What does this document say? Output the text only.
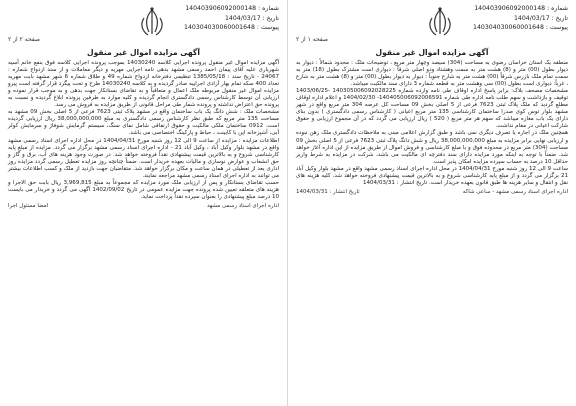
شماره : 140403906092000148
تاریخ : 1404/03/17
پیوست : 140304030060001648
صفحه ۲ از ۲
آگهی مزایده اموال غیر منقول

آگهی مزایده اموال غیر منقول پرونده اجرایی کلاسه 14030240 بموجب پرونده اجرایی کلاسه فوق بنفع خانم آسیه شهریاری علیه آقای پیمان احمد رسمی مشهد بدهی نامه اجرایی مهریه و دیگر معاملات و از سند ازدواج شماره : 24067 - تاریخ سند : 1385/05/18 تنظیمی دفترخانه ازدواج شماره 49 و طلاق شماره 6 شهر مشهد بابت مهریه تعداد 400 سکه تمام بهار آزادی اجراییه صادر گردیده و به کلاسه 14030240 طرح و تحت پیگرد قرار گرفته است پیرو مزایده اموال غیر منقول مربوطه ملک اعمال و متعاقباً و به تقاضای بستانکار جهت بدهی و به موجب قرار نموده و ارزیابی آن توسط کارشناس رسمی دادگستری انجام گردیده و کلیه موارد به طرفین پرونده ابلاغ گردیده و نسبت به پرونده حق اعتراض نداشته و پرونده شمار طی مراحل قانونی از طریق مزایده به فروش می رسد.

مشخصات ملک : شش دانگ یک باب ساختمان واقع در مشهد پلاک ثبتی 7623 فرعی از 5 اصلی بخش 09 مشهد به مساحت 135 متر مربع که طبق نظر کارشناس رسمی دادگستری به مبلغ 38,000,000,000 ریال ارزیابی گردیده است. 0912 ساختمان ملکی مالکیت و حقوق ارتفاقی شامل نمای سنگ، سیستم گرمایش شوفاژ و سرمایش کولر آبی، آشپزخانه اپن با کابینت ، حیاط و پارکینگ اختصاصی می باشد.

اطلاعات مزایده : مزایده از ساعت 9 الی 12 روز شنبه مورخ 1404/04/31 در محل اداره اجرای اسناد رسمی مشهد واقع در مشهد بلوار وکیل آباد ، وکیل آباد 21 - اداره اجرای اسناد رسمی مشهد برگزار می گردد. مزایده از مبلغ پایه کارشناسی شروع و به بالاترین قیمت پیشنهادی نقداً فروخته خواهد شد. در صورت وجود هزینه های آب، برق و گاز و حق انشعاب و عوارض نوسازی و مالیات بعهده خریدار است. ضمناً چنانچه روز مزایده تعطیل رسمی گردد مزایده روز اداری بعد از تعطیلی در همان ساعت و مکان برگزار خواهد شد. متقاضیان جهت بازدید از ملک و کسب اطلاعات بیشتر می توانند به اداره اجرای اسناد رسمی مشهد مراجعه نمایند.

حسب تقاضای بستانکار و پس از ارزیابی ملک مورد مزایده که مجموعاً به مبلغ 3,969,815 ریال بابت حق الاجرا و هزینه های متعلقه تعیین شده پرونده جهت مزایده عمومی در تاریخ 1402/09/02 آگهی می گردد و خریدار می بایست 10 درصد مبلغ پیشنهادی را بعنوان سپرده نقداً پرداخت نماید.

اداره اجرای اسناد رسمی مشهد
امضا مسئول اجرا
شماره : 140403906092000148
تاریخ : 1404/03/17
پیوست : 140304030060001648
صفحه ۱ از ۲
آگهی مزایده اموال غیر منقول

منطقه یک استان خراسان رضوی به مساحت (304) سیصد وچهار متر مربع ، توضیحات ملک : محدود شمالاً : دیوار به دیوار بطول (00) متر و (8) هشت متر به سمت وهشتاد ودو اصلی شرقاً : دیواری است مشترک بطول (18) متر به سمت تمام ملک بازرس شرقاً (00) هشت متر به شارع جنوباً : دیوار به دیوار بطول (00) متر و (8) هشت متر به شارع ، غرباً: دیواری است بطول (00) سی وهشت متر به قطعه شماره 3 دارای سند مالکیت میباشد.

مشخصات مصحف بلاک: برابر پاسخ اداره اوقاف طی نامه وارده شماره 140305006092028225 -1403/06/25 توقیف و بازداشت و سهم طلب نامه اداره طی شماره 140405006092006591- 1404/02/30 و اعلام اداره اوقاف مطلع گردید که ملک پلاک ثبتی 7623 فرعی از 5 اصلی بخش 09 مساحت کل عرصه 304 متر مربع واقع در شهر مشهد بلوار توس کوی صدرا ساختمان کارشناسی 135 متر مربع اعیانی ( کارشناس رسمی دادگستری ) بدون بنای دارای یک باب مغازه میباشد که سهم هر متر مربع ( 520 ) ریال ارزیابی می گردد که در آن مجموع ارزیابی و حقوق شارکت اعیانی در مقام نداشت.

همچنین ملک در اجاره یا تصرف دیگری نمی باشد و طبق گزارش اعلامی مبنی به ملاحظات دادگستری ملک رهن نبوده و ارزیابی نهایی برابر مزایده به مبلغ 38,000,000,000 ریال و شش دانگ پلاک ثبتی 7623 فرعی از 5 اصلی بخش 09 مساحت (304) متر مربع در محدوده فوق و با مبلغ کارشناسی و فروش اموال از طریق مزایده از این اداره آغاز خواهد شد. ضمناً با توجه به اینکه مورد مزایده دارای سند دفترچه ای مالکیت می باشد، شرکت در مزایده به شرط واریز حداقل 10 درصد به حساب سپرده مزایده امکان پذیر است.

ساعت 9 الی 12 روز شنبه مورخ 1404/04/31 در محل اداره اجرای اسناد رسمی مشهد واقع در مشهد بلوار وکیل آباد 21 برگزار می گردد و از مبلغ پایه کارشناسی شروع و به بالاترین قیمت پیشنهادی فروخته خواهد شد. کلیه هزینه های نقل و انتقال و سایر هزینه ها طبق قانون بعهده خریدار است. تاریخ انتشار : 1404/03/31

اداره اجرای اسناد رسمی مشهد - ساعی شاکه
تاریخ انتشار : 1404/03/31
